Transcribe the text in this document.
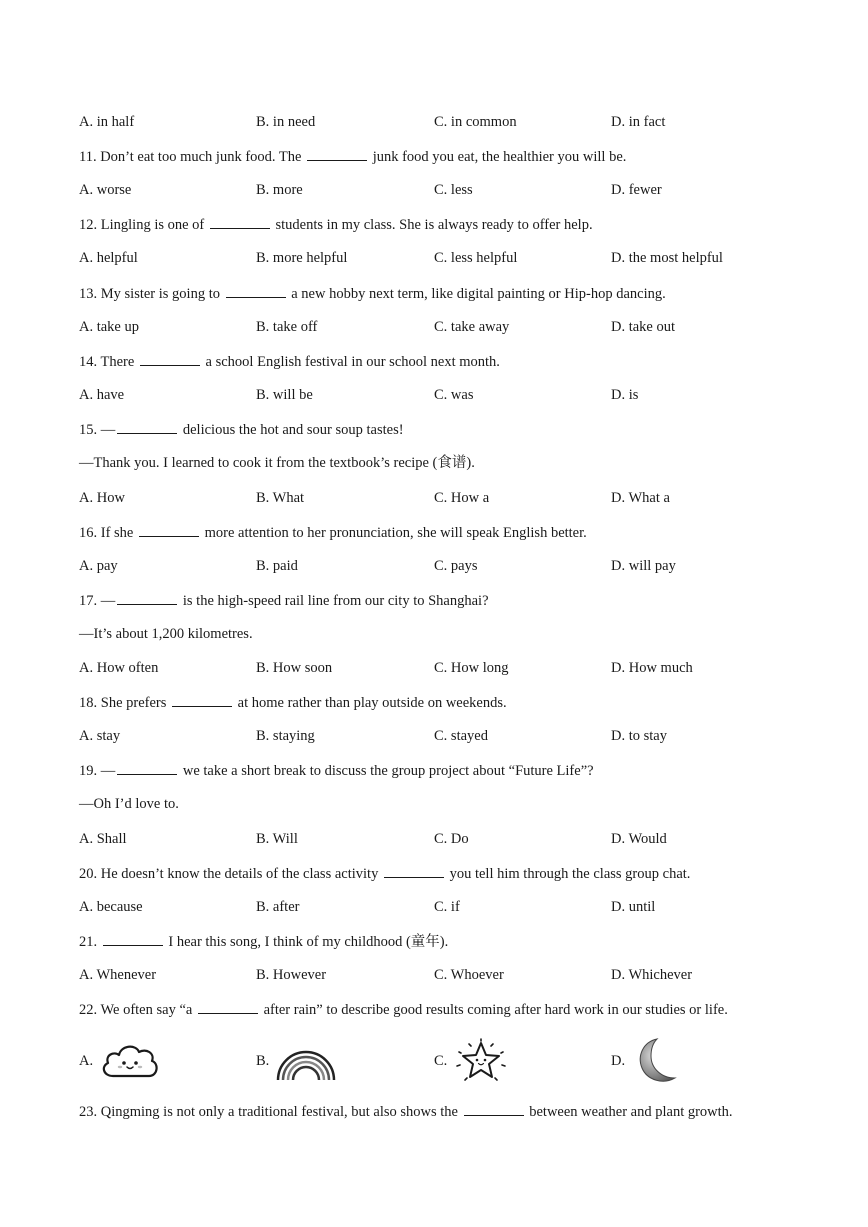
A. in half	B. in need	C. in common	D. in fact
11. Don’t eat too much junk food. The	junk food you eat, the healthier you will be.
A. worse	B. more	C. less	D. fewer
12. Lingling is one of	students in my class. She is always ready to offer help.
A. helpful	B. more helpful	C. less helpful	D. the most helpful
13. My sister is going to	a new hobby next term, like digital painting or Hip-hop dancing.
A. take up	B. take off	C. take away	D. take out
14. There	a school English festival in our school next month.
A. have	B. will be	C. was	D. is
15. —	delicious the hot and sour soup tastes!
—Thank you. I learned to cook it from the textbook’s recipe (食谱).
A. How	B. What	C. How a	D. What a
16. If she	more attention to her pronunciation, she will speak English better.
A. pay	B. paid	C. pays	D. will pay
17. —	is the high-speed rail line from our city to Shanghai?
—It’s about 1,200 kilometres.
A. How often	B. How soon	C. How long	D. How much
18. She prefers	at home rather than play outside on weekends.
A. stay	B. staying	C. stayed	D. to stay
19. —	we take a short break to discuss the group project about “Future Life”?
—Oh I’d love to.
A. Shall	B. Will	C. Do	D. Would
20. He doesn’t know the details of the class activity	you tell him through the class group chat.
A. because	B. after	C. if	D. until
21.	I hear this song, I think of my childhood (童年).
A. Whenever	B. However	C. Whoever	D. Whichever
22. We often say “a	after rain” to describe good results coming after hard work in our studies or life.
A.	B.	C.	D.
23. Qingming is not only a traditional festival, but also shows the	between weather and plant growth.
